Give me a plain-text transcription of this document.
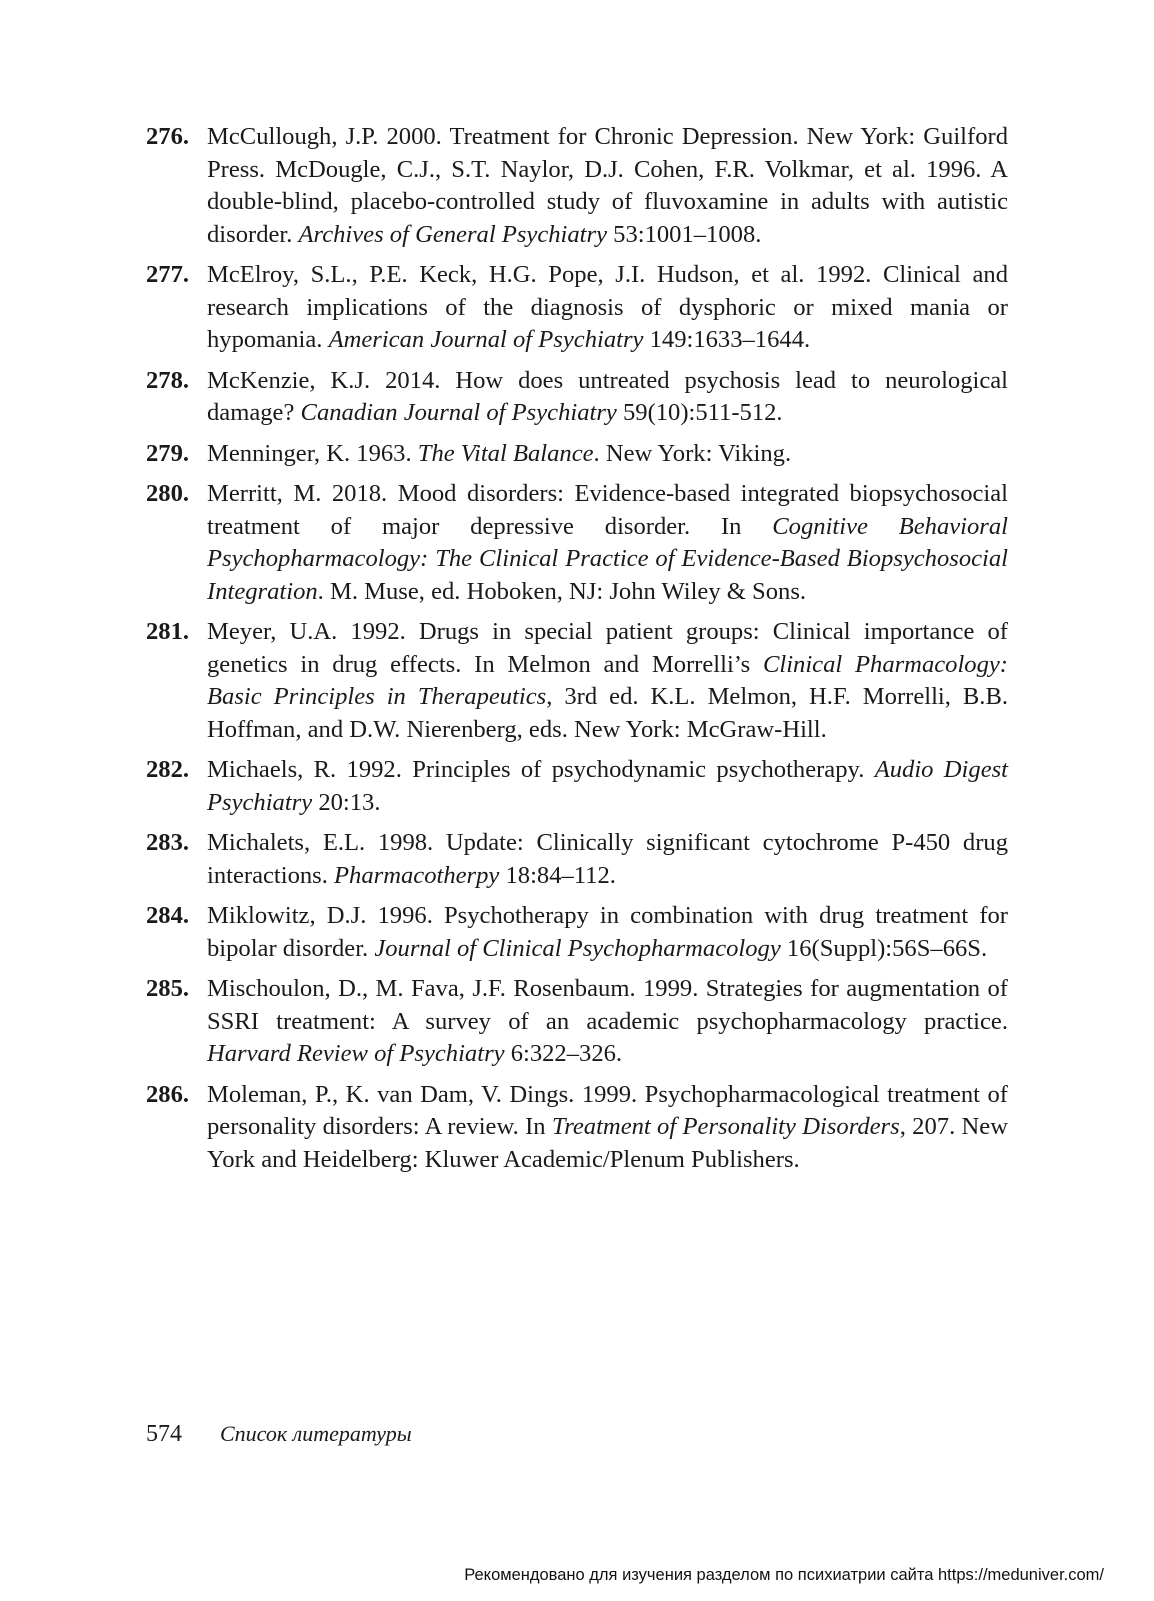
276. McCullough, J.P. 2000. Treatment for Chronic Depression. New York: Guilford Press. McDougle, C.J., S.T. Naylor, D.J. Cohen, F.R. Volkmar, et al. 1996. A double-blind, placebo-controlled study of fluvoxamine in adults with autistic disorder. Archives of General Psychiatry 53:1001–1008.
277. McElroy, S.L., P.E. Keck, H.G. Pope, J.I. Hudson, et al. 1992. Clinical and research implications of the diagnosis of dysphoric or mixed mania or hypomania. American Journal of Psychiatry 149:1633–1644.
278. McKenzie, K.J. 2014. How does untreated psychosis lead to neurological damage? Canadian Journal of Psychiatry 59(10):511-512.
279. Menninger, K. 1963. The Vital Balance. New York: Viking.
280. Merritt, M. 2018. Mood disorders: Evidence-based integrated biopsychosocial treatment of major depressive disorder. In Cognitive Behavioral Psychopharmacology: The Clinical Practice of Evidence-Based Biopsychosocial Integration. M. Muse, ed. Hoboken, NJ: John Wiley & Sons.
281. Meyer, U.A. 1992. Drugs in special patient groups: Clinical importance of genetics in drug effects. In Melmon and Morrelli’s Clinical Pharmacology: Basic Principles in Therapeutics, 3rd ed. K.L. Melmon, H.F. Morrelli, B.B. Hoffman, and D.W. Nierenberg, eds. New York: McGraw-Hill.
282. Michaels, R. 1992. Principles of psychodynamic psychotherapy. Audio Digest Psychiatry 20:13.
283. Michalets, E.L. 1998. Update: Clinically significant cytochrome P-450 drug interactions. Pharmacotherpy 18:84–112.
284. Miklowitz, D.J. 1996. Psychotherapy in combination with drug treatment for bipolar disorder. Journal of Clinical Psychopharmacology 16(Suppl):56S–66S.
285. Mischoulon, D., M. Fava, J.F. Rosenbaum. 1999. Strategies for augmentation of SSRI treatment: A survey of an academic psychopharmacology practice. Harvard Review of Psychiatry 6:322–326.
286. Moleman, P., K. van Dam, V. Dings. 1999. Psychopharmacological treatment of personality disorders: A review. In Treatment of Personality Disorders, 207. New York and Heidelberg: Kluwer Academic/Plenum Publishers.
574 Список литературы
Рекомендовано для изучения разделом по психиатрии сайта https://meduniver.com/
